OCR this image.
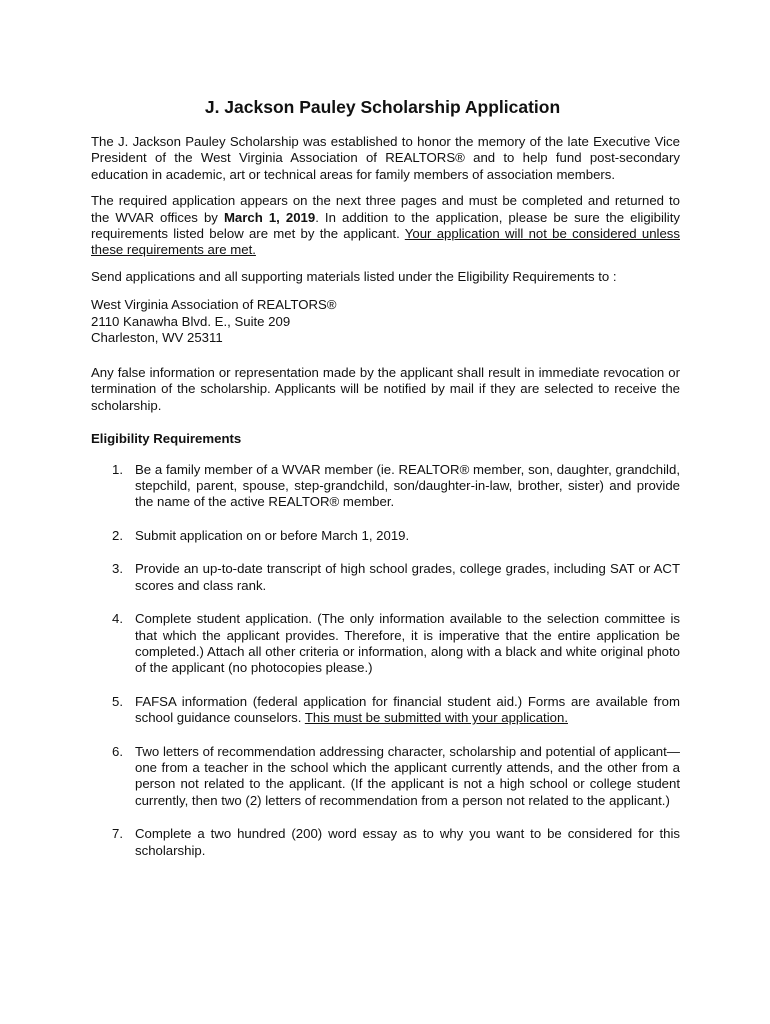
J. Jackson Pauley Scholarship Application

The J. Jackson Pauley Scholarship was established to honor the memory of the late Executive Vice President of the West Virginia Association of REALTORS® and to help fund post-secondary education in academic, art or technical areas for family members of association members.

The required application appears on the next three pages and must be completed and returned to the WVAR offices by March 1, 2019. In addition to the application, please be sure the eligibility requirements listed below are met by the applicant. Your application will not be considered unless these requirements are met.

Send applications and all supporting materials listed under the Eligibility Requirements to :

West Virginia Association of REALTORS®
2110 Kanawha Blvd. E., Suite 209
Charleston, WV 25311

Any false information or representation made by the applicant shall result in immediate revocation or termination of the scholarship. Applicants will be notified by mail if they are selected to receive the scholarship.

Eligibility Requirements
1. Be a family member of a WVAR member (ie. REALTOR® member, son, daughter, grandchild, stepchild, parent, spouse, step-grandchild, son/daughter-in-law, brother, sister) and provide the name of the active REALTOR® member.
2. Submit application on or before March 1, 2019.
3. Provide an up-to-date transcript of high school grades, college grades, including SAT or ACT scores and class rank.
4. Complete student application. (The only information available to the selection committee is that which the applicant provides. Therefore, it is imperative that the entire application be completed.) Attach all other criteria or information, along with a black and white original photo of the applicant (no photocopies please.)
5. FAFSA information (federal application for financial student aid.) Forms are available from school guidance counselors. This must be submitted with your application.
6. Two letters of recommendation addressing character, scholarship and potential of applicant—one from a teacher in the school which the applicant currently attends, and the other from a person not related to the applicant. (If the applicant is not a high school or college student currently, then two (2) letters of recommendation from a person not related to the applicant.)
7. Complete a two hundred (200) word essay as to why you want to be considered for this scholarship.
